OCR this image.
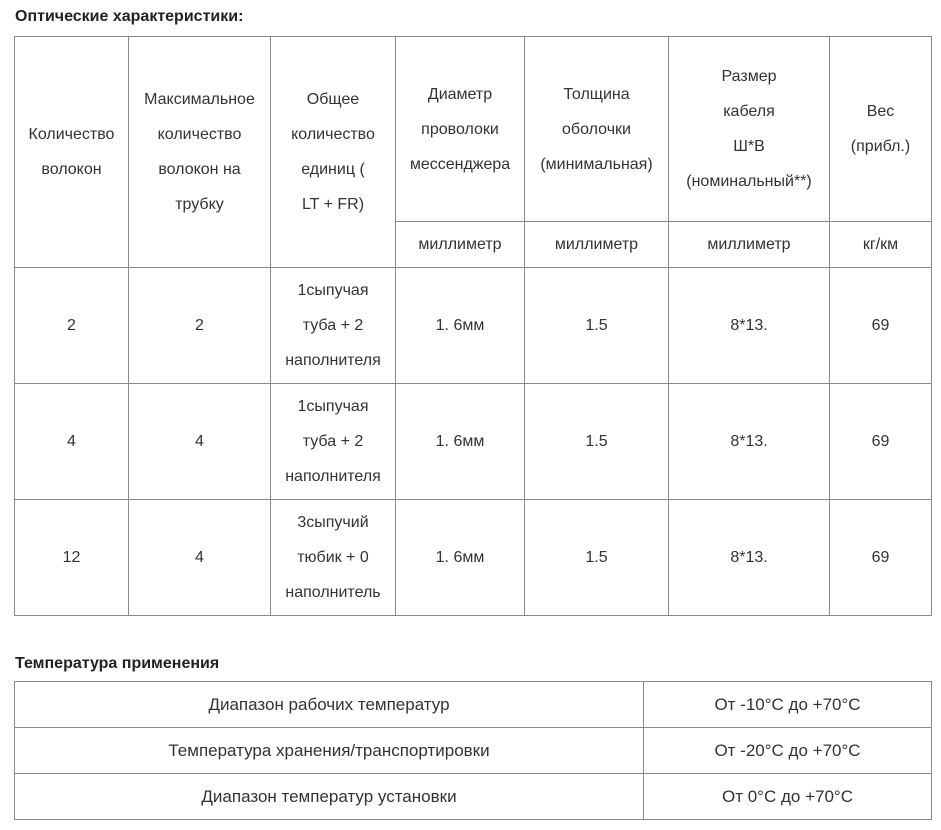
Оптические характеристики:
Количество
волокон	Максимальное
количество
волокон на
трубку	Общее
количество
единиц (
LT + FR)	Диаметр
проволоки
мессенджера	Толщина
оболочки
(минимальная)	Размер
кабеля
Ш*В
(номинальный**)	Вес
(прибл.)

			миллиметр	миллиметр	миллиметр	кг/км
2	2	1сыпучая
туба + 2
наполнителя	1. 6мм	1.5	8*13.	69
4	4	1сыпучая
туба + 2
наполнителя	1. 6мм	1.5	8*13.	69
12	4	3сыпучий
тюбик + 0
наполнитель	1. 6мм	1.5	8*13.	69
Температура применения
Диапазон рабочих температур	От -10°C до +70°C
Температура хранения/транспортировки	От -20°C до +70°C
Диапазон температур установки	От 0°C до +70°C
